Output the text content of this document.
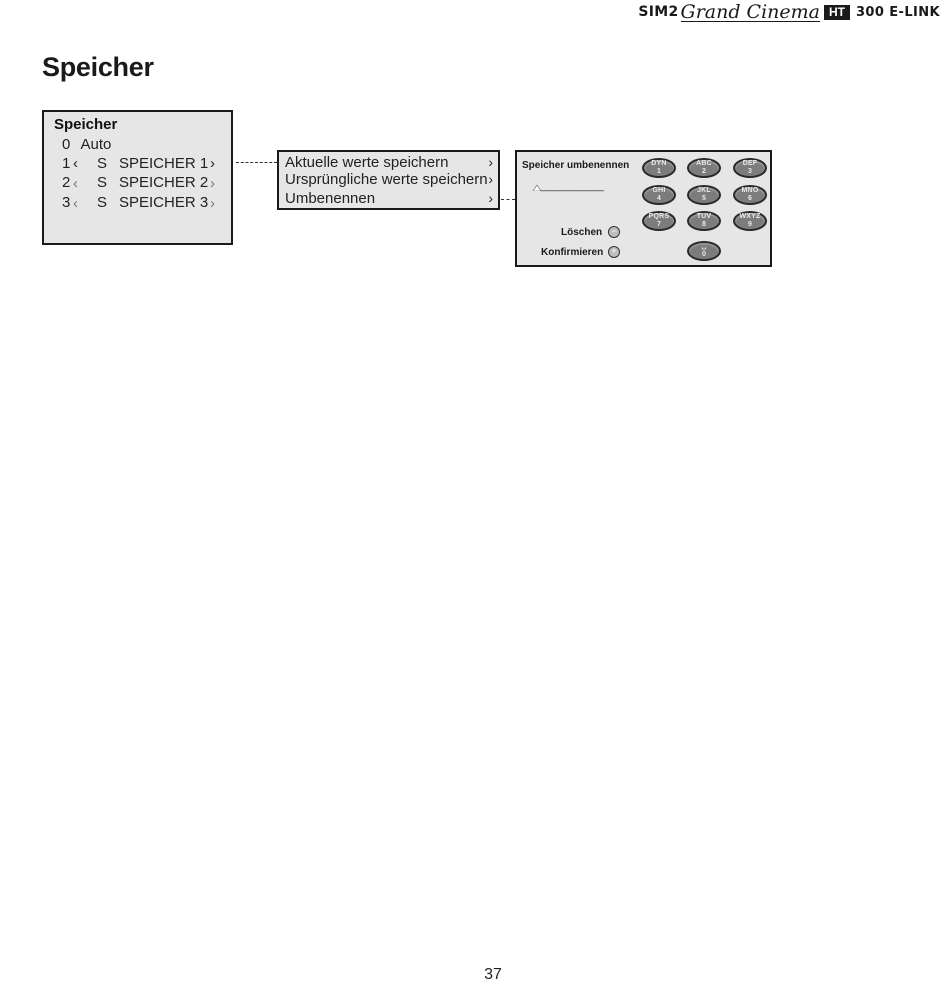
SIM2 Grand Cinema HT 300 E-LINK
Speicher
Speicher
0 Auto
1 ‹ S SPEICHER 1 ›
2 ‹ S SPEICHER 2 ›
3 ‹ S SPEICHER 3 ›
Aktuelle werte speichern	›
Ursprüngliche werte speichern ›
Umbenennen	›
Speicher umbenennen
__________
Löschen	−
Konfirmieren +
DYN
1
ABC
2
DEF
3
GHI
4
JKL
5
MNO
6
PQRS
7
TUV
8
WXYZ
9
␣
0
37
